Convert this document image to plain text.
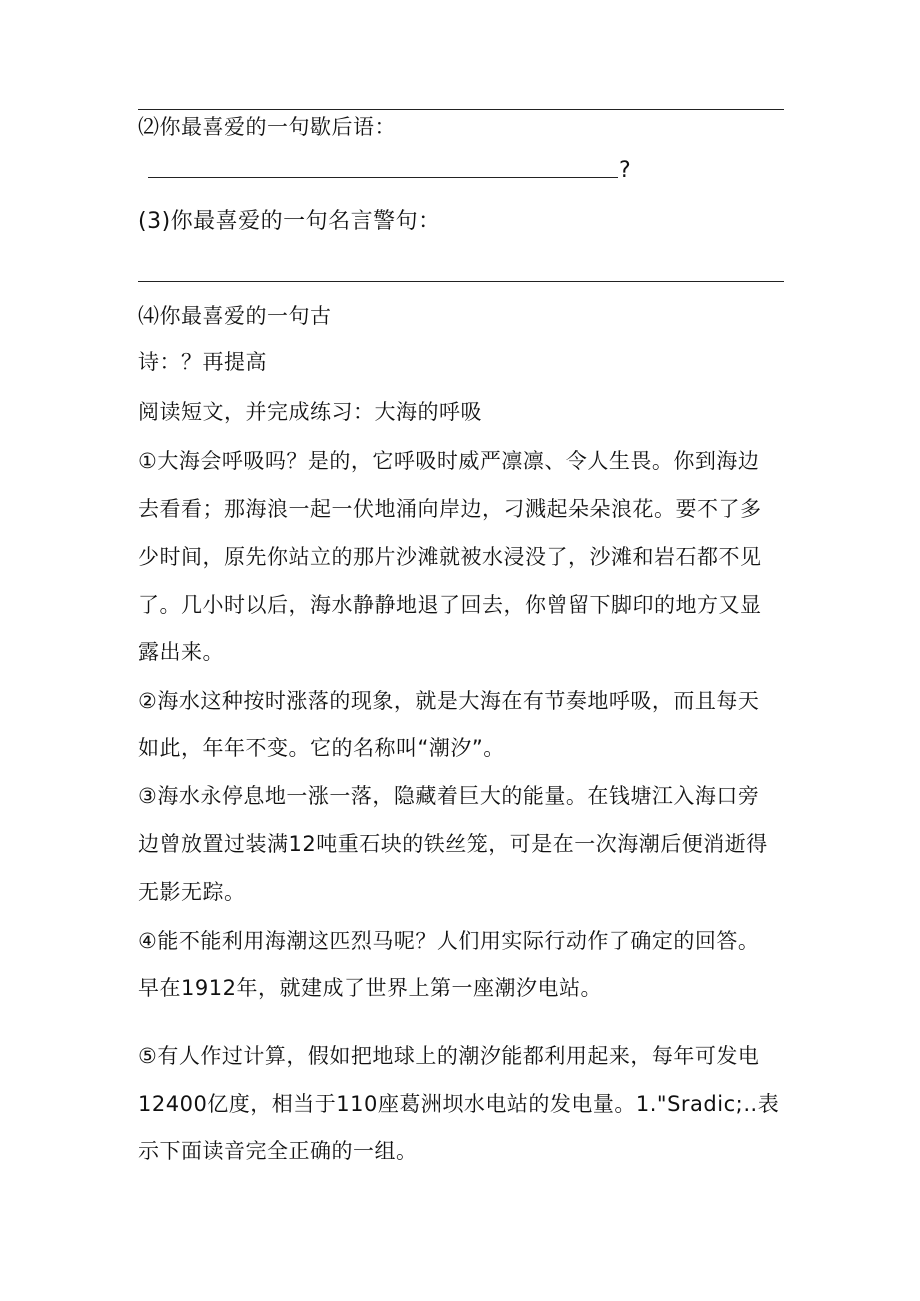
⑵你最喜爱的一句歇后语：
?
(3)你最喜爱的一句名言警句：
⑷你最喜爱的一句古
诗：？再提高
阅读短文，并完成练习：大海的呼吸
①大海会呼吸吗？是的，它呼吸时威严凛凛、令人生畏。你到海边
去看看；那海浪一起一伏地涌向岸边，刁溅起朵朵浪花。要不了多
少时间，原先你站立的那片沙滩就被水浸没了，沙滩和岩石都不见
了。几小时以后，海水静静地退了回去，你曾留下脚印的地方又显
露出来。
②海水这种按时涨落的现象，就是大海在有节奏地呼吸，而且每天
如此，年年不变。它的名称叫“潮汐”。
③海水永停息地一涨一落，隐藏着巨大的能量。在钱塘江入海口旁
边曾放置过装满12吨重石块的铁丝笼，可是在一次海潮后便消逝得
无影无踪。
④能不能利用海潮这匹烈马呢？人们用实际行动作了确定的回答。
早在1912年，就建成了世界上第一座潮汐电站。
⑤有人作过计算，假如把地球上的潮汐能都利用起来，每年可发电
12400亿度，相当于110座葛洲坝水电站的发电量。1."Sradic;‥表
示下面读音完全正确的一组。
